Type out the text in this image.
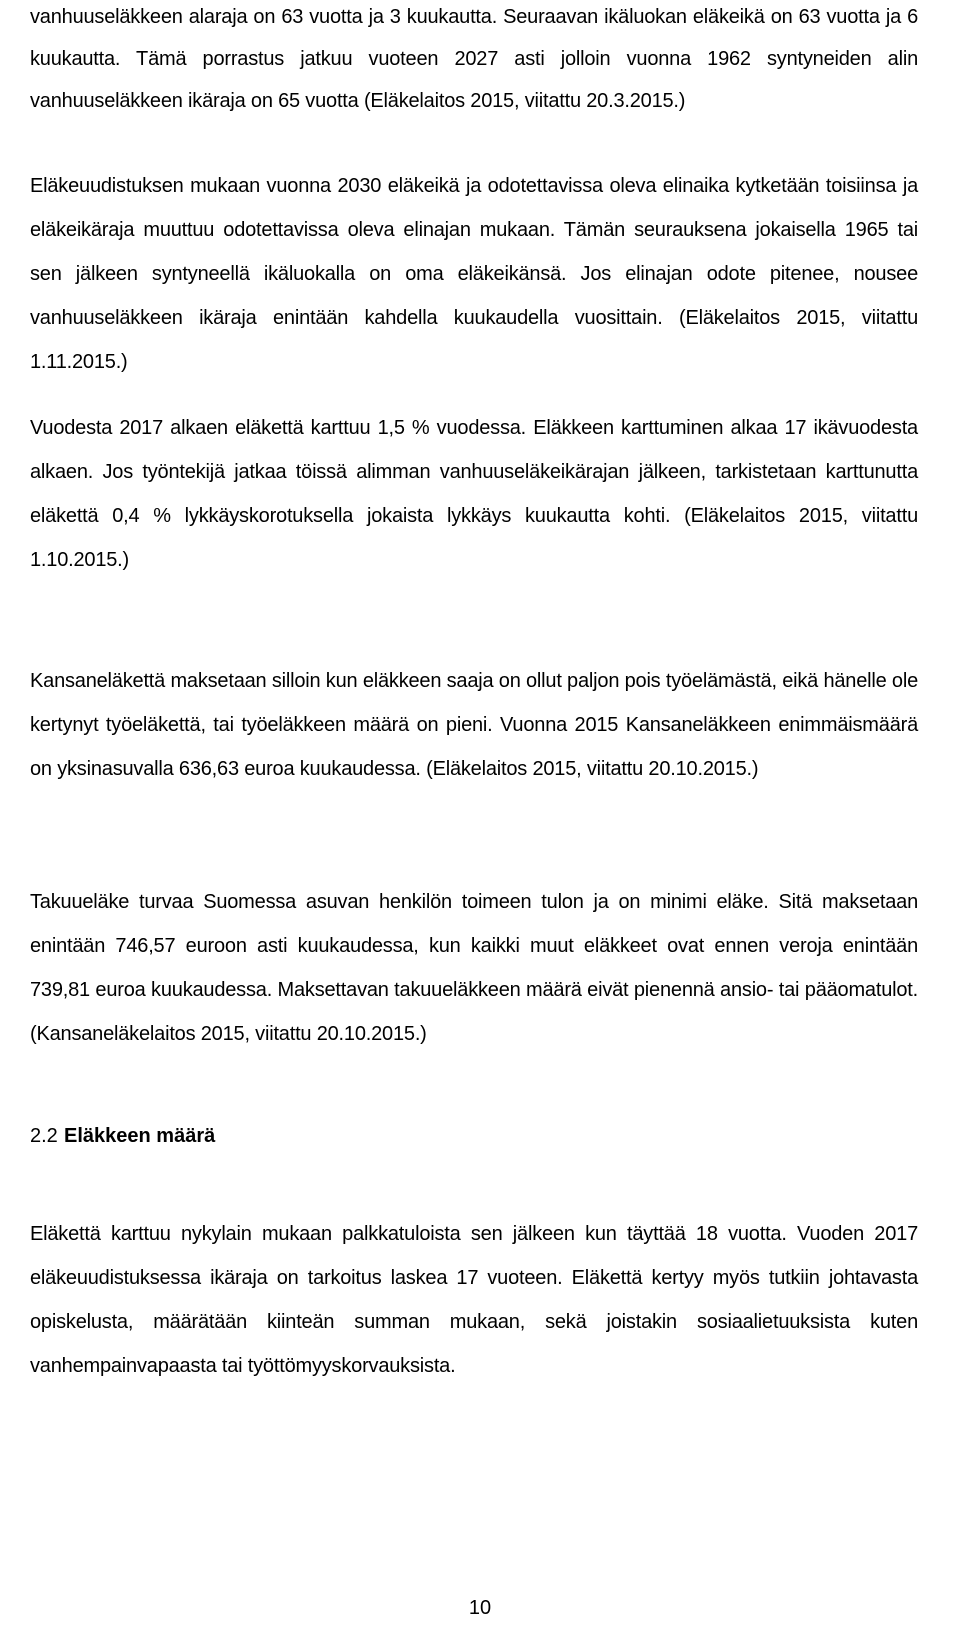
vanhuuseläkkeen alaraja on 63 vuotta ja 3 kuukautta. Seuraavan ikäluokan eläkeikä on 63 vuotta ja 6 kuukautta. Tämä porrastus jatkuu vuoteen 2027 asti jolloin vuonna 1962 syntyneiden alin vanhuuseläkkeen ikäraja on 65 vuotta (Eläkelaitos 2015, viitattu 20.3.2015.)

Eläkeuudistuksen mukaan vuonna 2030 eläkeikä ja odotettavissa oleva elinaika kytketään toisiinsa ja eläkeikäraja muuttuu odotettavissa oleva elinajan mukaan. Tämän seurauksena jokaisella 1965 tai sen jälkeen syntyneellä ikäluokalla on oma eläkeikänsä. Jos elinajan odote pitenee, nousee vanhuuseläkkeen ikäraja enintään kahdella kuukaudella vuosittain. (Eläkelaitos 2015, viitattu 1.11.2015.)

Vuodesta 2017 alkaen eläkettä karttuu 1,5 % vuodessa. Eläkkeen karttuminen alkaa 17 ikävuodesta alkaen. Jos työntekijä jatkaa töissä alimman vanhuuseläkeikärajan jälkeen, tarkistetaan karttunutta eläkettä 0,4 % lykkäyskorotuksella jokaista lykkäys kuukautta kohti. (Eläkelaitos 2015, viitattu 1.10.2015.)

Kansaneläkettä maksetaan silloin kun eläkkeen saaja on ollut paljon pois työelämästä, eikä hänelle ole kertynyt työeläkettä, tai työeläkkeen määrä on pieni. Vuonna 2015 Kansaneläkkeen enimmäismäärä on yksinasuvalla 636,63 euroa kuukaudessa. (Eläkelaitos 2015, viitattu 20.10.2015.)

Takuueläke turvaa Suomessa asuvan henkilön toimeen tulon ja on minimi eläke. Sitä maksetaan enintään 746,57 euroon asti kuukaudessa, kun kaikki muut eläkkeet ovat ennen veroja enintään 739,81 euroa kuukaudessa. Maksettavan takuueläkkeen määrä eivät pienennä ansio- tai pääomatulot. (Kansaneläkelaitos 2015, viitattu 20.10.2015.)

2.2 Eläkkeen määrä

Eläkettä karttuu nykylain mukaan palkkatuloista sen jälkeen kun täyttää 18 vuotta. Vuoden 2017 eläkeuudistuksessa ikäraja on tarkoitus laskea 17 vuoteen. Eläkettä kertyy myös tutkiin johtavasta opiskelusta, määrätään kiinteän summan mukaan, sekä joistakin sosiaalietuuksista kuten vanhempainvapaasta tai työttömyyskorvauksista.

10
